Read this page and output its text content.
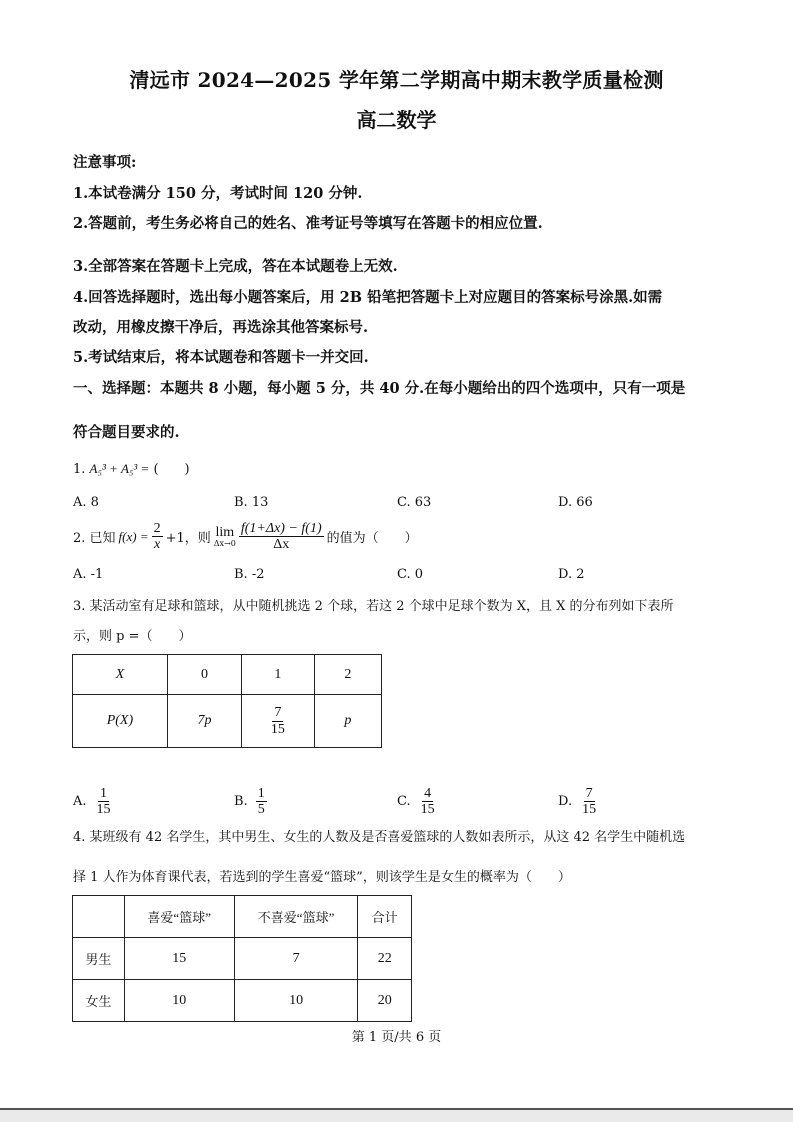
清远市 2024—2025 学年第二学期高中期末教学质量检测
高二数学
注意事项:
1.本试卷满分 150 分，考试时间 120 分钟.
2.答题前，考生务必将自己的姓名、准考证号等填写在答题卡的相应位置.
3.全部答案在答题卡上完成，答在本试题卷上无效.
4.回答选择题时，选出每小题答案后，用 2B 铅笔把答题卡上对应题目的答案标号涂黑.如需
改动，用橡皮擦干净后，再选涂其他答案标号.
5.考试结束后，将本试题卷和答题卡一并交回.
一、选择题：本题共 8 小题，每小题 5 分，共 40 分.在每小题给出的四个选项中，只有一项是
符合题目要求的.
1. A₅³ + A₅³ = (　　)
A. 8	B. 13	C. 63	D. 66
2. 已知 $f(x) = \frac{2}{x} +1$，则 lim
$\Delta x\to 0 \frac{f(1+\Delta x) - f(1)}{\Delta x}$ 的值为（　　）
A. -1	B. -2	C. 0	D. 2
3. 某活动室有足球和篮球，从中随机挑选 2 个球，若这 2 个球中足球个数为 X，且 X 的分布列如下表所
示，则 p =（　　）
X	0	1	2
P(X)	7p	$\frac{7}{15}$	p
A. $\frac{1}{15}$	B. $\frac{1}{5}$	C. $\frac{4}{15}$	D. $\frac{7}{15}$
4. 某班级有 42 名学生，其中男生、女生的人数及是否喜爱篮球的人数如表所示，从这 42 名学生中随机选
择 1 人作为体育课代表，若选到的学生喜爱“篮球”，则该学生是女生的概率为（　　）
	喜爱“篮球”	不喜爱“篮球”	合计
男生	15	7	22
女生	10	10	20
第 1 页/共 6 页
